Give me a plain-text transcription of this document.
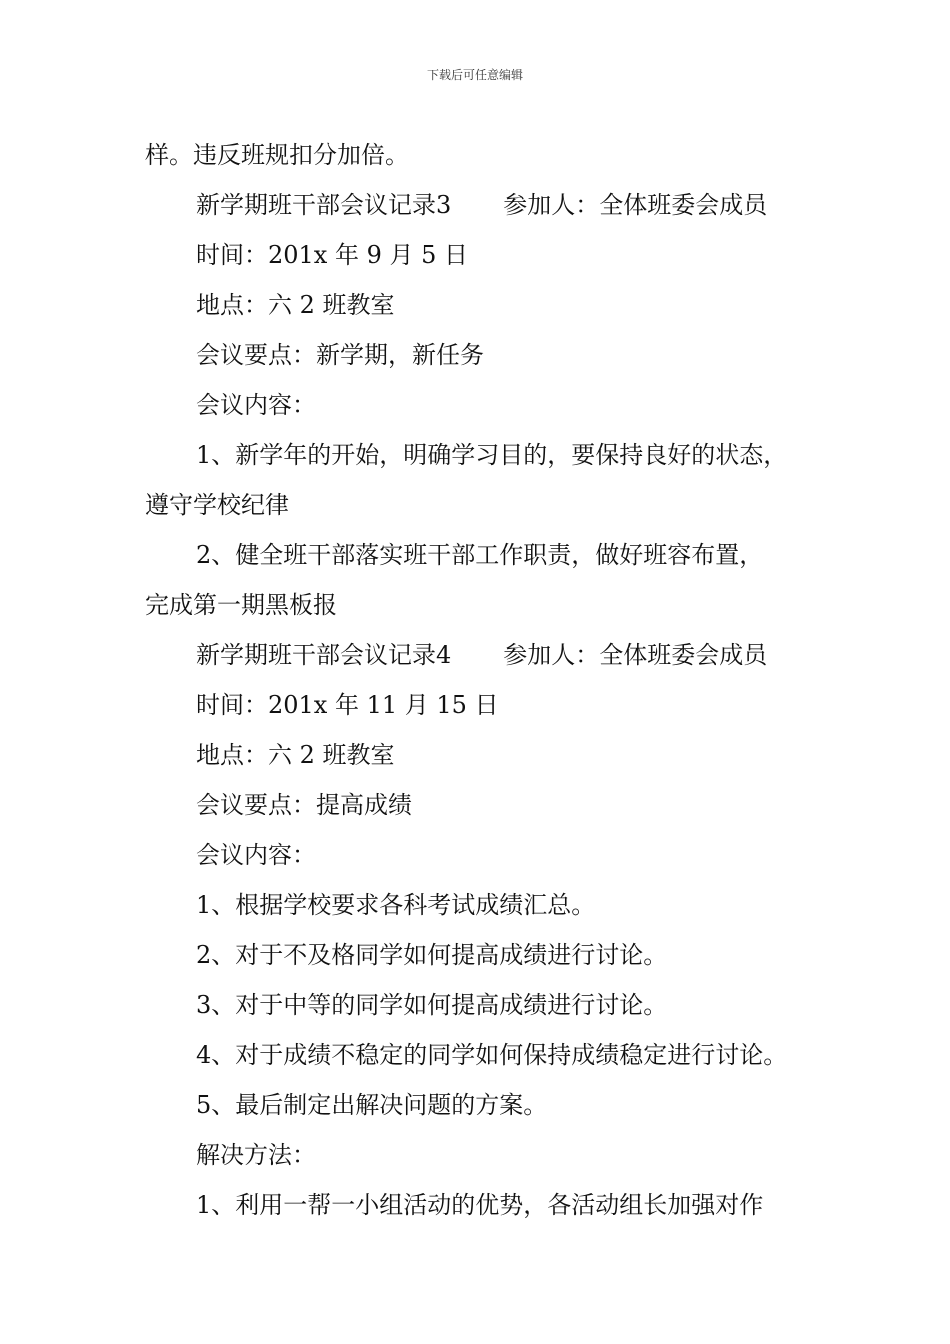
下载后可任意编辑
样。违反班规扣分加倍。
新学期班干部会议记录3 参加人：全体班委会成员
时间：201x 年 9 月 5 日
地点：六 2 班教室
会议要点：新学期，新任务
会议内容：
1、新学年的开始，明确学习目的，要保持良好的状态，
遵守学校纪律
2、健全班干部落实班干部工作职责，做好班容布置，
完成第一期黑板报
新学期班干部会议记录4 参加人：全体班委会成员
时间：201x 年 11 月 15 日
地点：六 2 班教室
会议要点：提高成绩
会议内容：
1、根据学校要求各科考试成绩汇总。
2、对于不及格同学如何提高成绩进行讨论。
3、对于中等的同学如何提高成绩进行讨论。
4、对于成绩不稳定的同学如何保持成绩稳定进行讨论。
5、最后制定出解决问题的方案。
解决方法：
1、利用一帮一小组活动的优势，各活动组长加强对作
